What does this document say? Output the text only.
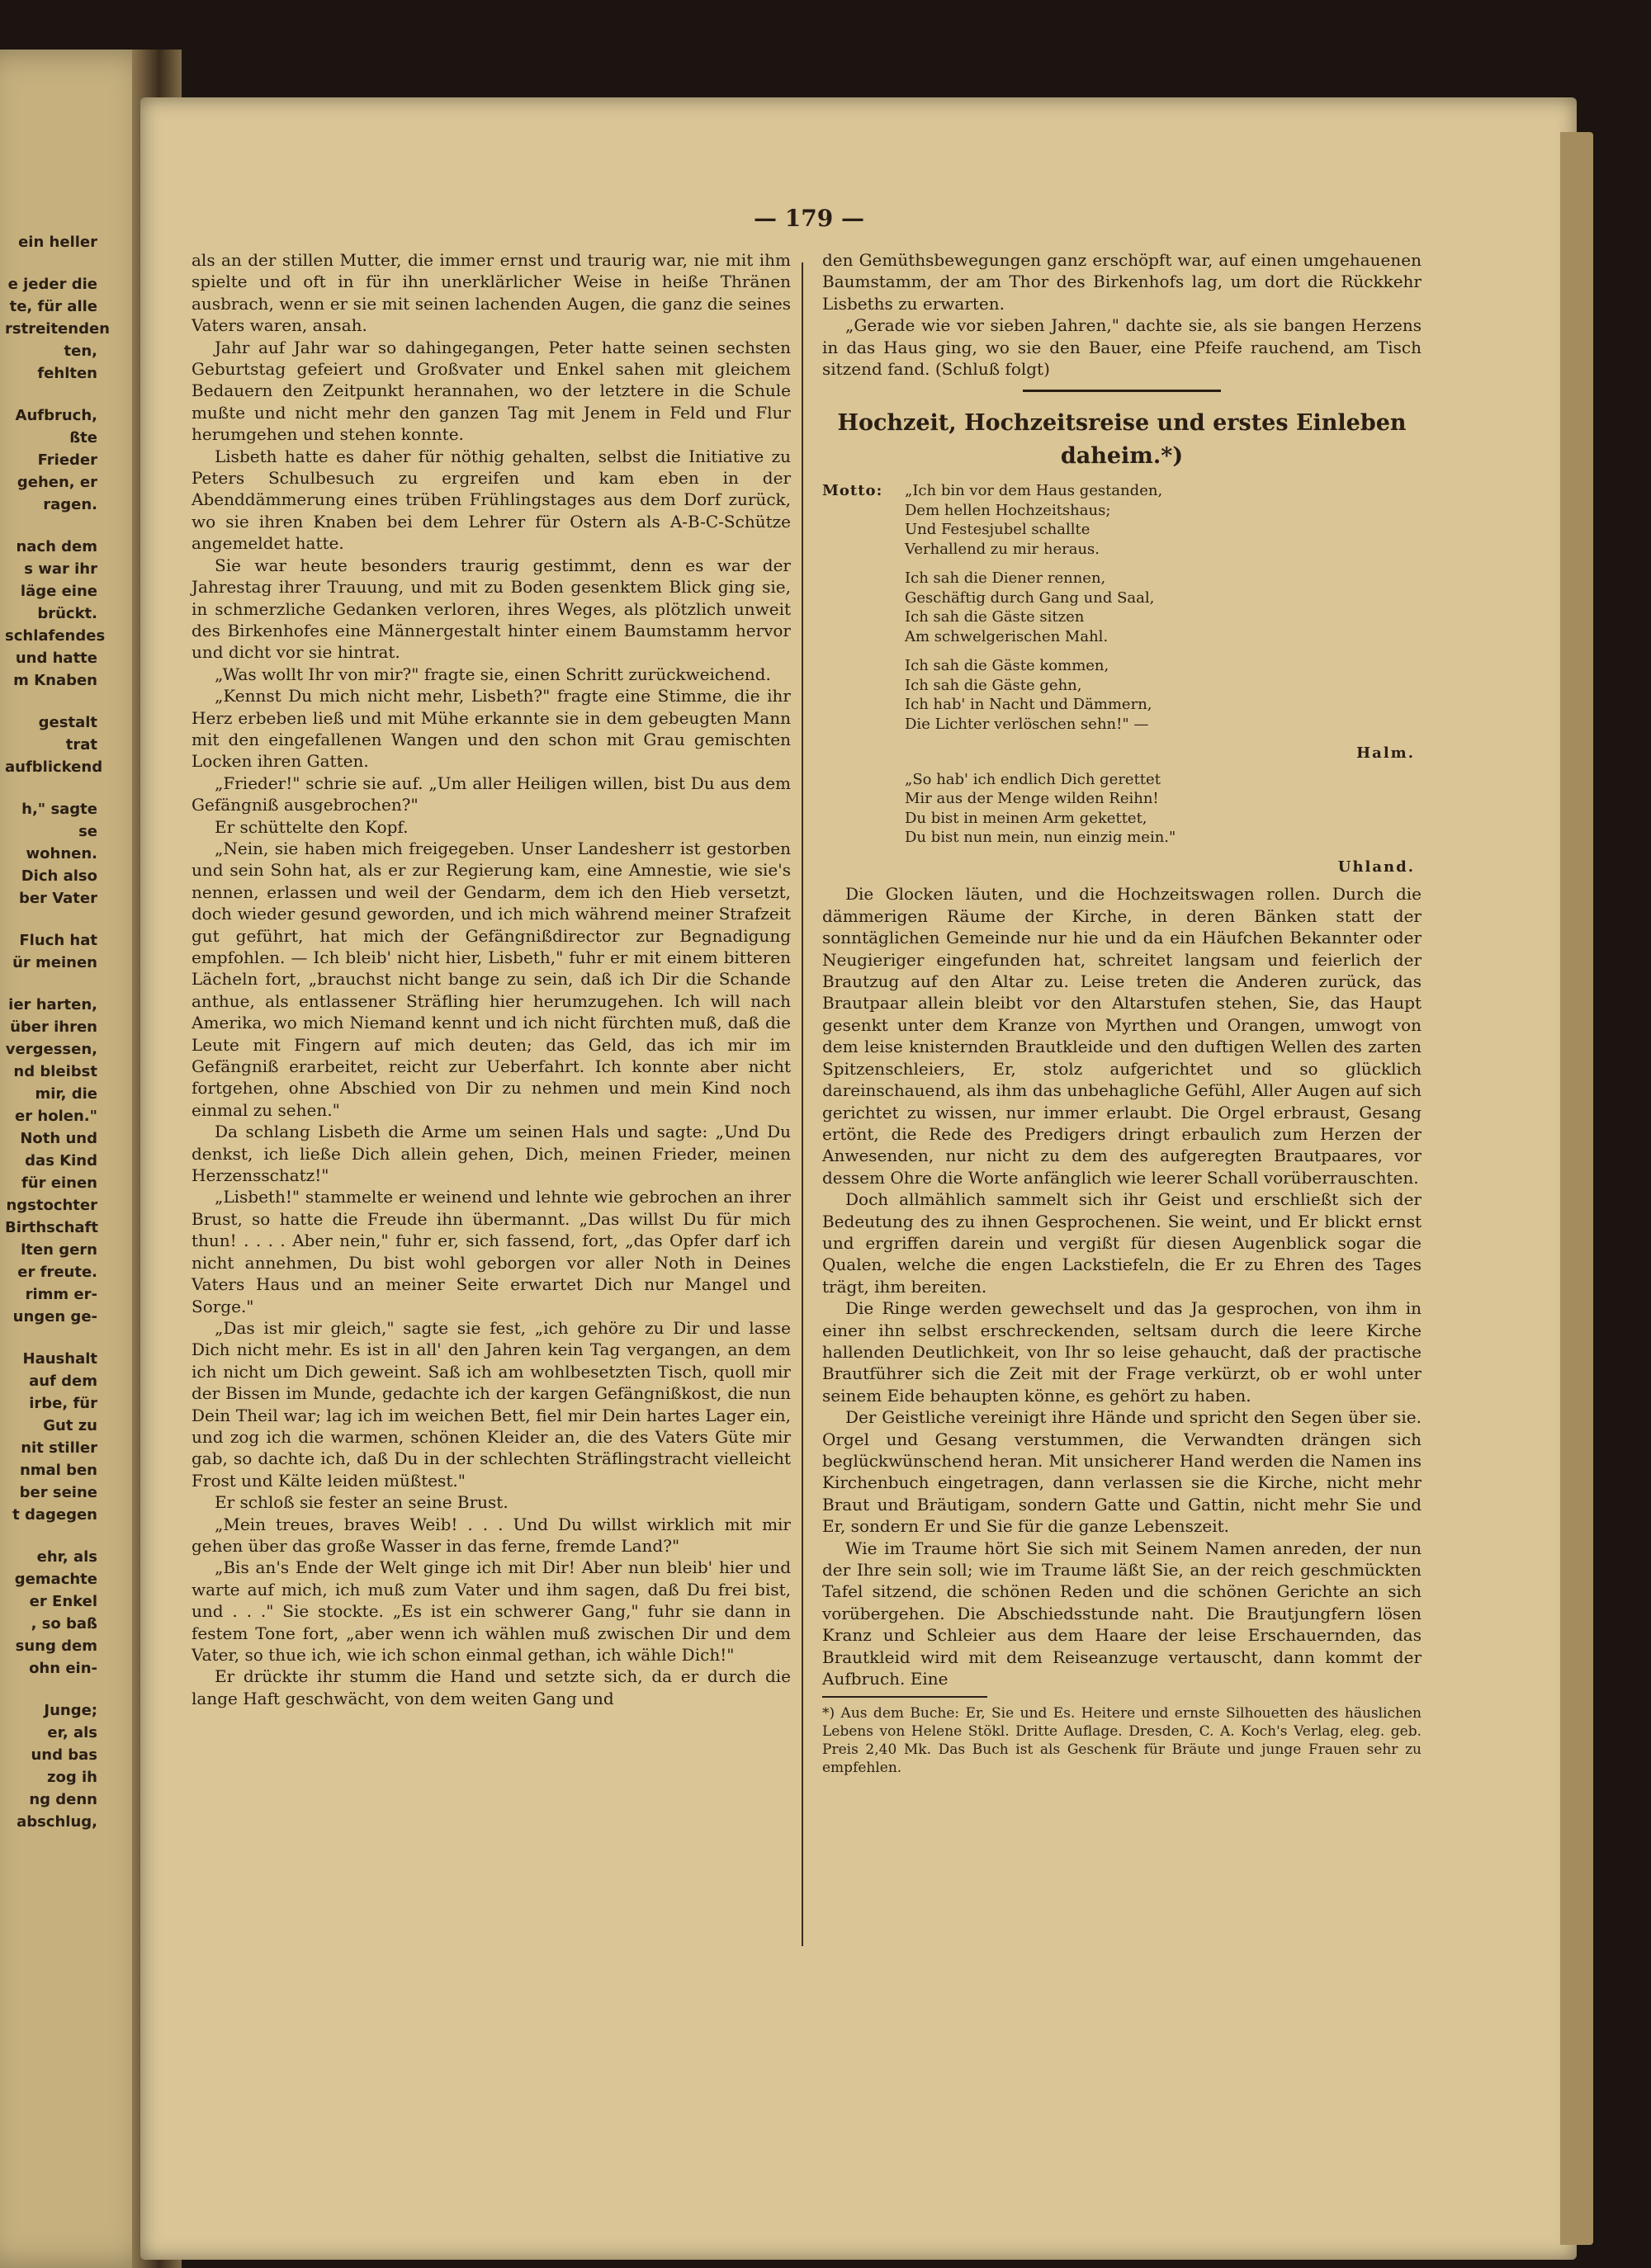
ein heller
e jeder die
te, für alle
rstreitenden
ten, fehlten
Aufbruch,
ßte Frieder
gehen, er
ragen.
nach dem
s war ihr
läge eine
brückt.
schlafendes
und hatte
m Knaben
gestalt trat
aufblickend
h," sagte
se wohnen.
Dich also
ber Vater
Fluch hat
ür meinen
ier harten,
über ihren
vergessen,
nd bleibst
mir, die
er holen."
Noth und
das Kind
für einen
ngstochter
Birthschaft
lten gern
er freute.
rimm er-
ungen ge-
Haushalt
auf dem
irbe, für
Gut zu
nit stiller
nmal ben
ber seine
t dagegen
ehr, als
gemachte
er Enkel
, so baß
sung dem
ohn ein-
Junge;
er, als
und bas
zog ih
ng denn
abschlug,
— 179 —

als an der stillen Mutter, die immer ernst und traurig war, nie mit ihm spielte und oft in für ihn unerklärlicher Weise in heiße Thränen ausbrach, wenn er sie mit seinen lachenden Augen, die ganz die seines Vaters waren, ansah.

Jahr auf Jahr war so dahingegangen, Peter hatte seinen sechsten Geburtstag gefeiert und Großvater und Enkel sahen mit gleichem Bedauern den Zeitpunkt herannahen, wo der letztere in die Schule mußte und nicht mehr den ganzen Tag mit Jenem in Feld und Flur herumgehen und stehen konnte.

Lisbeth hatte es daher für nöthig gehalten, selbst die Initiative zu Peters Schulbesuch zu ergreifen und kam eben in der Abenddämmerung eines trüben Frühlingstages aus dem Dorf zurück, wo sie ihren Knaben bei dem Lehrer für Ostern als A-B-C-Schütze angemeldet hatte.

Sie war heute besonders traurig gestimmt, denn es war der Jahrestag ihrer Trauung, und mit zu Boden gesenktem Blick ging sie, in schmerzliche Gedanken verloren, ihres Weges, als plötzlich unweit des Birkenhofes eine Männergestalt hinter einem Baumstamm hervor und dicht vor sie hintrat.

„Was wollt Ihr von mir?" fragte sie, einen Schritt zurückweichend.

„Kennst Du mich nicht mehr, Lisbeth?" fragte eine Stimme, die ihr Herz erbeben ließ und mit Mühe erkannte sie in dem gebeugten Mann mit den eingefallenen Wangen und den schon mit Grau gemischten Locken ihren Gatten.

„Frieder!" schrie sie auf. „Um aller Heiligen willen, bist Du aus dem Gefängniß ausgebrochen?"

Er schüttelte den Kopf.

„Nein, sie haben mich freigegeben. Unser Landesherr ist gestorben und sein Sohn hat, als er zur Regierung kam, eine Amnestie, wie sie's nennen, erlassen und weil der Gendarm, dem ich den Hieb versetzt, doch wieder gesund geworden, und ich mich während meiner Strafzeit gut geführt, hat mich der Gefängnißdirector zur Begnadigung empfohlen. — Ich bleib' nicht hier, Lisbeth," fuhr er mit einem bitteren Lächeln fort, „brauchst nicht bange zu sein, daß ich Dir die Schande anthue, als entlassener Sträfling hier herumzugehen. Ich will nach Amerika, wo mich Niemand kennt und ich nicht fürchten muß, daß die Leute mit Fingern auf mich deuten; das Geld, das ich mir im Gefängniß erarbeitet, reicht zur Ueberfahrt. Ich konnte aber nicht fortgehen, ohne Abschied von Dir zu nehmen und mein Kind noch einmal zu sehen."

Da schlang Lisbeth die Arme um seinen Hals und sagte: „Und Du denkst, ich ließe Dich allein gehen, Dich, meinen Frieder, meinen Herzensschatz!"

„Lisbeth!" stammelte er weinend und lehnte wie gebrochen an ihrer Brust, so hatte die Freude ihn übermannt. „Das willst Du für mich thun! . . . . Aber nein," fuhr er, sich fassend, fort, „das Opfer darf ich nicht annehmen, Du bist wohl geborgen vor aller Noth in Deines Vaters Haus und an meiner Seite erwartet Dich nur Mangel und Sorge."

„Das ist mir gleich," sagte sie fest, „ich gehöre zu Dir und lasse Dich nicht mehr. Es ist in all' den Jahren kein Tag vergangen, an dem ich nicht um Dich geweint. Saß ich am wohlbesetzten Tisch, quoll mir der Bissen im Munde, gedachte ich der kargen Gefängnißkost, die nun Dein Theil war; lag ich im weichen Bett, fiel mir Dein hartes Lager ein, und zog ich die warmen, schönen Kleider an, die des Vaters Güte mir gab, so dachte ich, daß Du in der schlechten Sträflingstracht vielleicht Frost und Kälte leiden müßtest."

Er schloß sie fester an seine Brust.

„Mein treues, braves Weib! . . . Und Du willst wirklich mit mir gehen über das große Wasser in das ferne, fremde Land?"

„Bis an's Ende der Welt ginge ich mit Dir! Aber nun bleib' hier und warte auf mich, ich muß zum Vater und ihm sagen, daß Du frei bist, und . . ." Sie stockte. „Es ist ein schwerer Gang," fuhr sie dann in festem Tone fort, „aber wenn ich wählen muß zwischen Dir und dem Vater, so thue ich, wie ich schon einmal gethan, ich wähle Dich!"

Er drückte ihr stumm die Hand und setzte sich, da er durch die lange Haft geschwächt, von dem weiten Gang und

den Gemüthsbewegungen ganz erschöpft war, auf einen umgehauenen Baumstamm, der am Thor des Birkenhofs lag, um dort die Rückkehr Lisbeths zu erwarten.

„Gerade wie vor sieben Jahren," dachte sie, als sie bangen Herzens in das Haus ging, wo sie den Bauer, eine Pfeife rauchend, am Tisch sitzend fand. (Schluß folgt)

Hochzeit, Hochzeitsreise und erstes Einleben daheim.*)
Motto:	„Ich bin vor dem Haus gestanden,
Dem hellen Hochzeitshaus;
Und Festesjubel schallte
Verhallend zu mir heraus.
Ich sah die Diener rennen,
Geschäftig durch Gang und Saal,
Ich sah die Gäste sitzen
Am schwelgerischen Mahl.
Ich sah die Gäste kommen,
Ich sah die Gäste gehn,
Ich hab' in Nacht und Dämmern,
Die Lichter verlöschen sehn!" —
Halm.
„So hab' ich endlich Dich gerettet
Mir aus der Menge wilden Reihn!
Du bist in meinen Arm gekettet,
Du bist nun mein, nun einzig mein."
Uhland.

Die Glocken läuten, und die Hochzeitswagen rollen. Durch die dämmerigen Räume der Kirche, in deren Bänken statt der sonntäglichen Gemeinde nur hie und da ein Häufchen Bekannter oder Neugieriger eingefunden hat, schreitet langsam und feierlich der Brautzug auf den Altar zu. Leise treten die Anderen zurück, das Brautpaar allein bleibt vor den Altarstufen stehen, Sie, das Haupt gesenkt unter dem Kranze von Myrthen und Orangen, umwogt von dem leise knisternden Brautkleide und den duftigen Wellen des zarten Spitzenschleiers, Er, stolz aufgerichtet und so glücklich dareinschauend, als ihm das unbehagliche Gefühl, Aller Augen auf sich gerichtet zu wissen, nur immer erlaubt. Die Orgel erbraust, Gesang ertönt, die Rede des Predigers dringt erbaulich zum Herzen der Anwesenden, nur nicht zu dem des aufgeregten Brautpaares, vor dessem Ohre die Worte anfänglich wie leerer Schall vorüberrauschten.

Doch allmählich sammelt sich ihr Geist und erschließt sich der Bedeutung des zu ihnen Gesprochenen. Sie weint, und Er blickt ernst und ergriffen darein und vergißt für diesen Augenblick sogar die Qualen, welche die engen Lackstiefeln, die Er zu Ehren des Tages trägt, ihm bereiten.

Die Ringe werden gewechselt und das Ja gesprochen, von ihm in einer ihn selbst erschreckenden, seltsam durch die leere Kirche hallenden Deutlichkeit, von Ihr so leise gehaucht, daß der practische Brautführer sich die Zeit mit der Frage verkürzt, ob er wohl unter seinem Eide behaupten könne, es gehört zu haben.

Der Geistliche vereinigt ihre Hände und spricht den Segen über sie. Orgel und Gesang verstummen, die Verwandten drängen sich beglückwünschend heran. Mit unsicherer Hand werden die Namen ins Kirchenbuch eingetragen, dann verlassen sie die Kirche, nicht mehr Braut und Bräutigam, sondern Gatte und Gattin, nicht mehr Sie und Er, sondern Er und Sie für die ganze Lebenszeit.

Wie im Traume hört Sie sich mit Seinem Namen anreden, der nun der Ihre sein soll; wie im Traume läßt Sie, an der reich geschmückten Tafel sitzend, die schönen Reden und die schönen Gerichte an sich vorübergehen. Die Abschiedsstunde naht. Die Brautjungfern lösen Kranz und Schleier aus dem Haare der leise Erschauernden, das Brautkleid wird mit dem Reiseanzuge vertauscht, dann kommt der Aufbruch. Eine

*) Aus dem Buche: Er, Sie und Es. Heitere und ernste Silhouetten des häuslichen Lebens von Helene Stökl. Dritte Auflage. Dresden, C. A. Koch's Verlag, eleg. geb. Preis 2,40 Mk. Das Buch ist als Geschenk für Bräute und junge Frauen sehr zu empfehlen.
